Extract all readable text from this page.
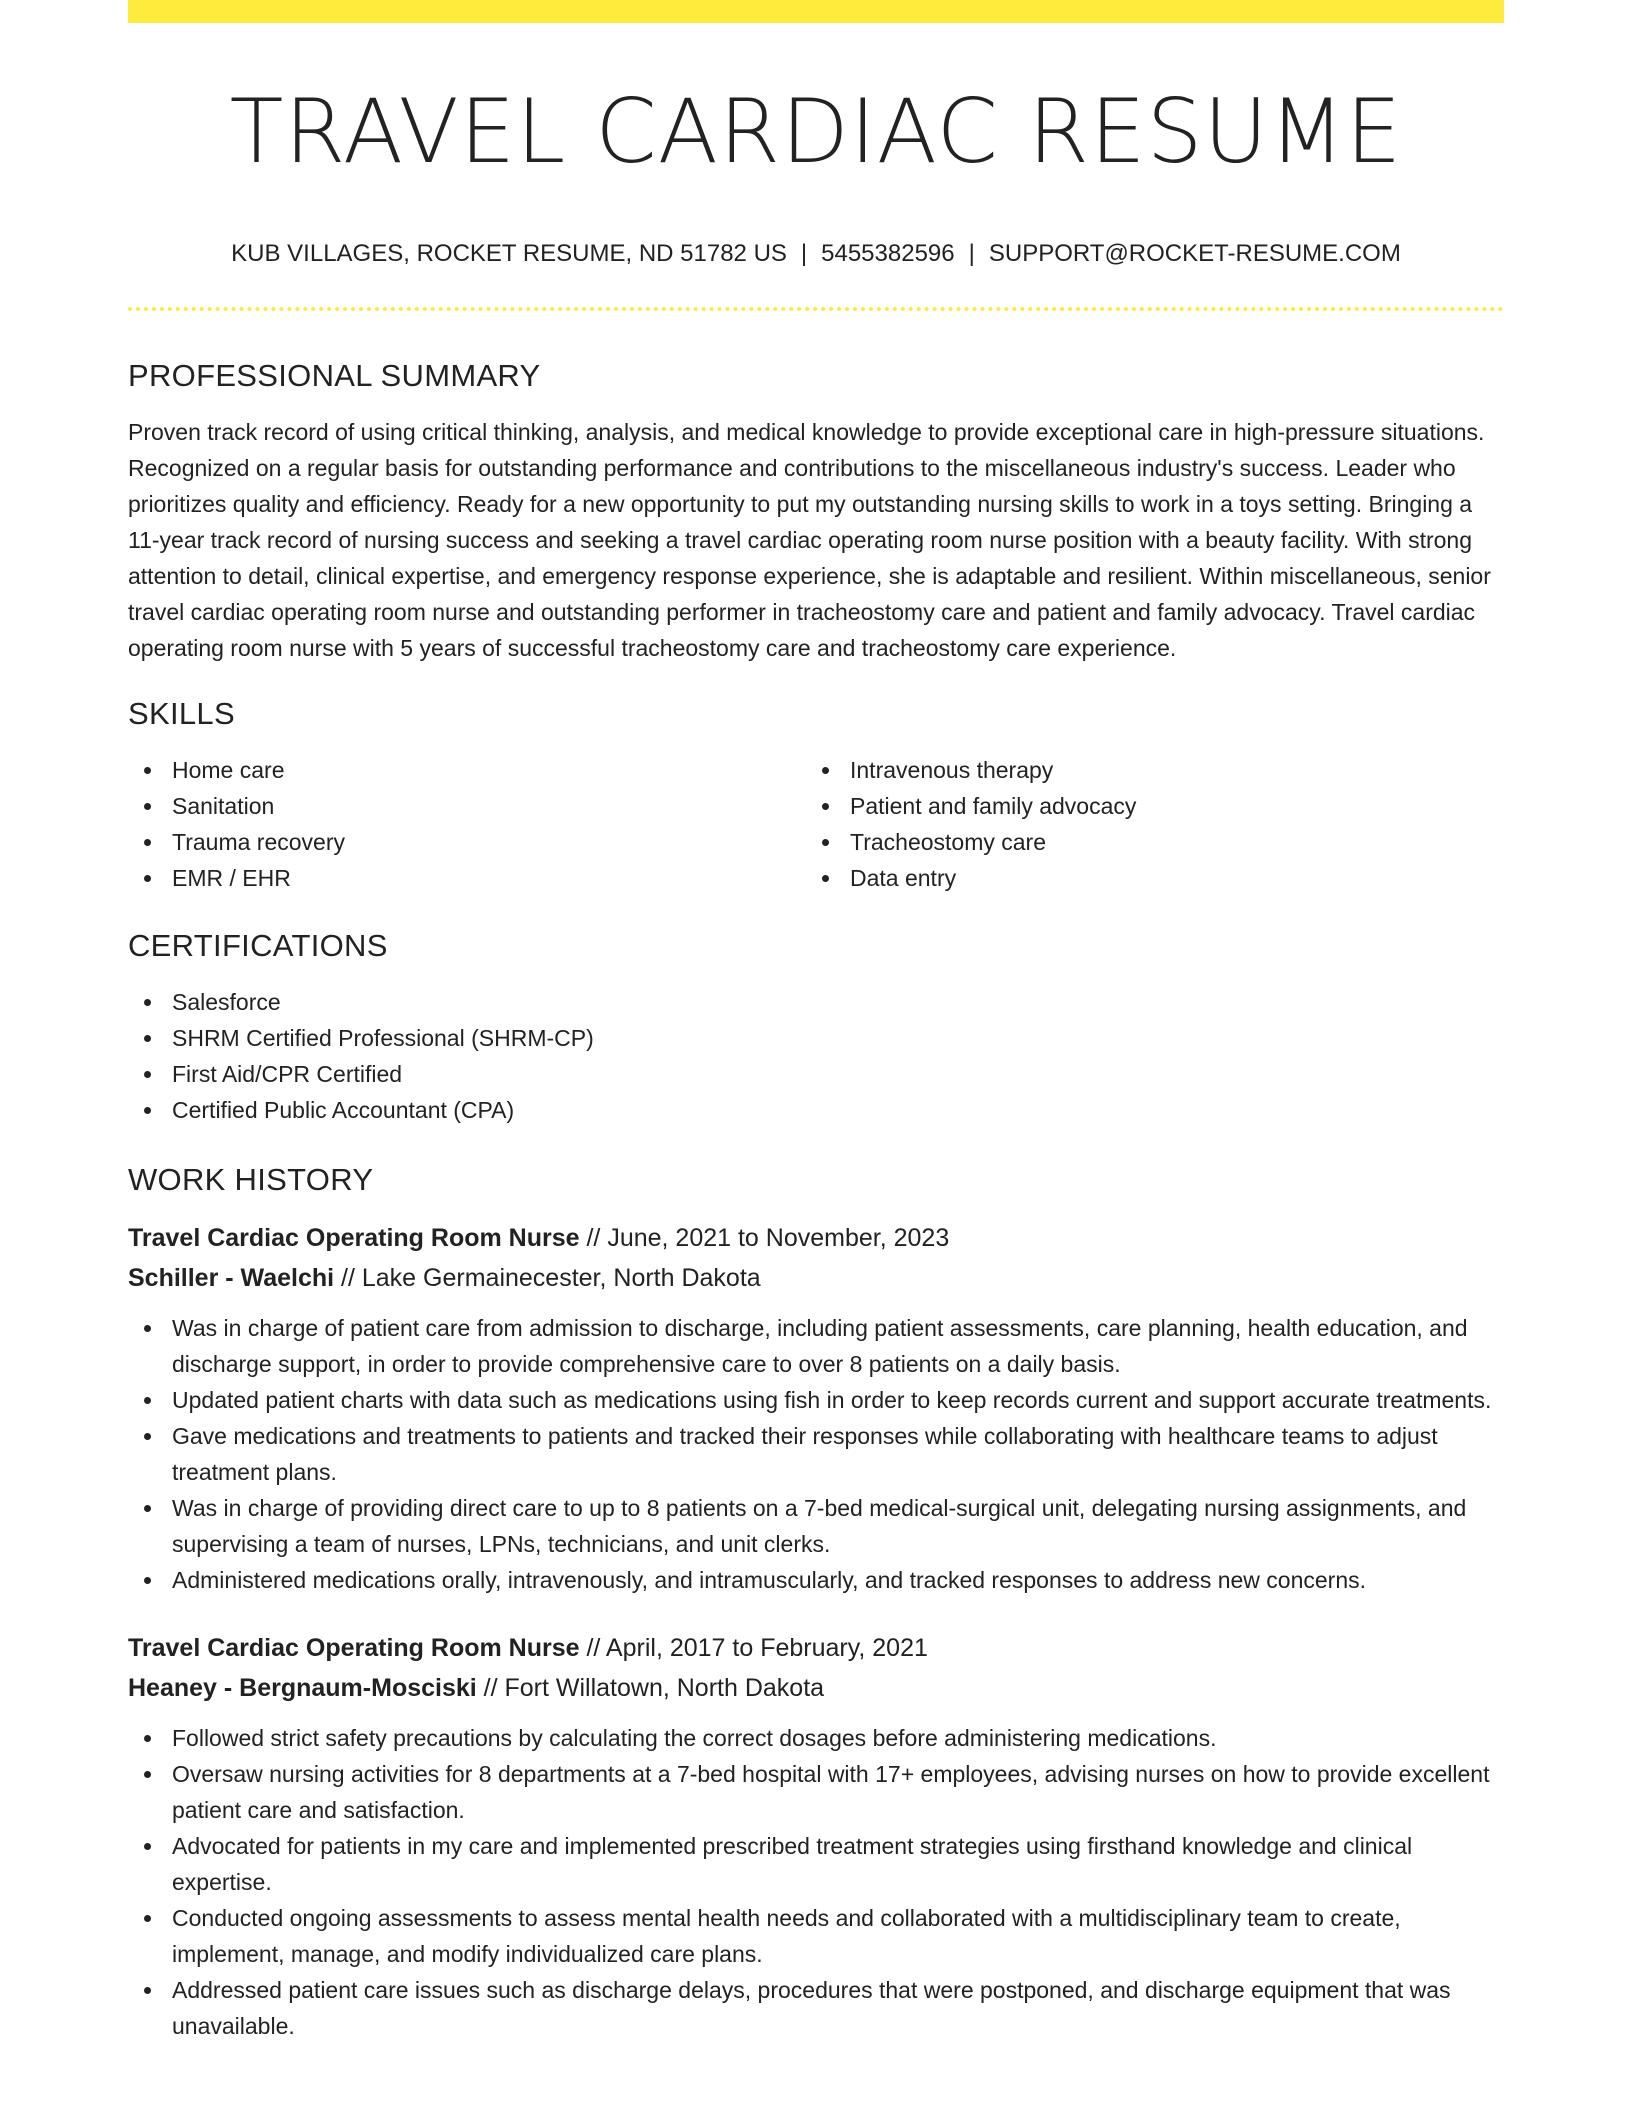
TRAVEL CARDIAC RESUME
KUB VILLAGES, ROCKET RESUME, ND 51782 US | 5455382596 | SUPPORT@ROCKET-RESUME.COM
PROFESSIONAL SUMMARY

Proven track record of using critical thinking, analysis, and medical knowledge to provide exceptional care in high-pressure situations. Recognized on a regular basis for outstanding performance and contributions to the miscellaneous industry's success. Leader who prioritizes quality and efficiency. Ready for a new opportunity to put my outstanding nursing skills to work in a toys setting. Bringing a 11-year track record of nursing success and seeking a travel cardiac operating room nurse position with a beauty facility. With strong attention to detail, clinical expertise, and emergency response experience, she is adaptable and resilient. Within miscellaneous, senior travel cardiac operating room nurse and outstanding performer in tracheostomy care and patient and family advocacy. Travel cardiac operating room nurse with 5 years of successful tracheostomy care and tracheostomy care experience.

SKILLS
Home care
Sanitation
Trauma recovery
EMR / EHR
Intravenous therapy
Patient and family advocacy
Tracheostomy care
Data entry
CERTIFICATIONS
Salesforce
SHRM Certified Professional (SHRM-CP)
First Aid/CPR Certified
Certified Public Accountant (CPA)
WORK HISTORY
Travel Cardiac Operating Room Nurse // June, 2021 to November, 2023
Schiller - Waelchi // Lake Germainecester, North Dakota
Was in charge of patient care from admission to discharge, including patient assessments, care planning, health education, and discharge support, in order to provide comprehensive care to over 8 patients on a daily basis.
Updated patient charts with data such as medications using fish in order to keep records current and support accurate treatments.
Gave medications and treatments to patients and tracked their responses while collaborating with healthcare teams to adjust treatment plans.
Was in charge of providing direct care to up to 8 patients on a 7-bed medical-surgical unit, delegating nursing assignments, and supervising a team of nurses, LPNs, technicians, and unit clerks.
Administered medications orally, intravenously, and intramuscularly, and tracked responses to address new concerns.
Travel Cardiac Operating Room Nurse // April, 2017 to February, 2021
Heaney - Bergnaum-Mosciski // Fort Willatown, North Dakota
Followed strict safety precautions by calculating the correct dosages before administering medications.
Oversaw nursing activities for 8 departments at a 7-bed hospital with 17+ employees, advising nurses on how to provide excellent patient care and satisfaction.
Advocated for patients in my care and implemented prescribed treatment strategies using firsthand knowledge and clinical expertise.
Conducted ongoing assessments to assess mental health needs and collaborated with a multidisciplinary team to create, implement, manage, and modify individualized care plans.
Addressed patient care issues such as discharge delays, procedures that were postponed, and discharge equipment that was unavailable.
